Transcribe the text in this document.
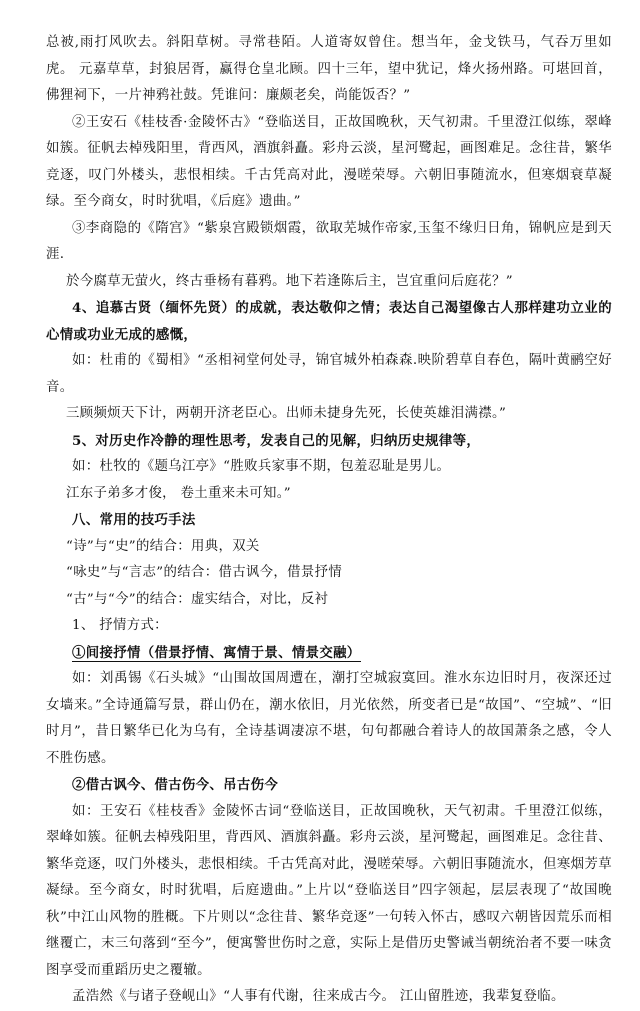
总被,雨打风吹去。斜阳草树。寻常巷陌。人道寄奴曾住。想当年，金戈铁马，气吞万里如虎。 元嘉草草，封狼居胥，赢得仓皇北顾。四十三年，望中犹记，烽火扬州路。可堪回首，佛狸祠下，一片神鸦社鼓。凭谁问：廉颇老矣，尚能饭否？”

②王安石《桂枝香·金陵怀古》“登临送目，正故国晚秋，天气初肃。千里澄江似练，翠峰如簇。征帆去棹残阳里，背西风，酒旗斜矗。彩舟云淡，星河鹭起，画图难足。念往昔，繁华竞逐，叹门外楼头，悲恨相续。千古凭高对此，漫嗟荣辱。六朝旧事随流水，但寒烟衰草凝绿。至今商女，时时犹唱，《后庭》遗曲。”

③李商隐的《隋宫》“紫泉宫殿锁烟霞，欲取芜城作帝家,玉玺不缘归日角，锦帆应是到天涯.

於今腐草无萤火，终古垂杨有暮鸦。地下若逢陈后主，岂宜重问后庭花？”

4、追慕古贤（缅怀先贤）的成就，表达敬仰之情；表达自己渴望像古人那样建功立业的心情或功业无成的感慨，

如：杜甫的《蜀相》“丞相祠堂何处寻，锦官城外柏森森.映阶碧草自春色，隔叶黄鹂空好音。

三顾频烦天下计，两朝开济老臣心。出师未捷身先死，长使英雄泪满襟。”

5、对历史作冷静的理性思考，发表自己的见解，归纳历史规律等，

如：杜牧的《题乌江亭》“胜败兵家事不期，包羞忍耻是男儿。

江东子弟多才俊， 卷土重来未可知。”

八、常用的技巧手法

“诗”与“史”的结合：用典，双关

“咏史”与“言志”的结合：借古讽今，借景抒情

“古”与“今”的结合：虚实结合，对比，反衬

1、 抒情方式：

①间接抒情（借景抒情、寓情于景、情景交融）

如：刘禹锡《石头城》“山围故国周遭在，潮打空城寂寞回。淮水东边旧时月，夜深还过女墙来。”全诗通篇写景，群山仍在，潮水依旧，月光依然，所变者已是“故国”、“空城”、“旧时月”，昔日繁华已化为乌有，全诗基调凄凉不堪，句句都融合着诗人的故国萧条之感，令人不胜伤感。

②借古讽今、借古伤今、吊古伤今

如：王安石《桂枝香》金陵怀古词“登临送目，正故国晚秋，天气初肃。千里澄江似练，翠峰如簇。征帆去棹残阳里，背西风、酒旗斜矗。彩舟云淡，星河鹭起，画图难足。念往昔、繁华竞逐，叹门外楼头，悲恨相续。千古凭高对此，漫嗟荣辱。六朝旧事随流水，但寒烟芳草凝绿。至今商女，时时犹唱，后庭遗曲。”上片以“登临送目”四字领起，层层表现了“故国晚秋”中江山风物的胜概。下片则以“念往昔、繁华竞逐”一句转入怀古，感叹六朝皆因荒乐而相继覆亡，末三句落到“至今”，便寓警世伤时之意，实际上是借历史警诫当朝统治者不要一味贪图享受而重蹈历史之覆辙。

孟浩然《与诸子登岘山》“人事有代谢，往来成古今。 江山留胜迹，我辈复登临。
